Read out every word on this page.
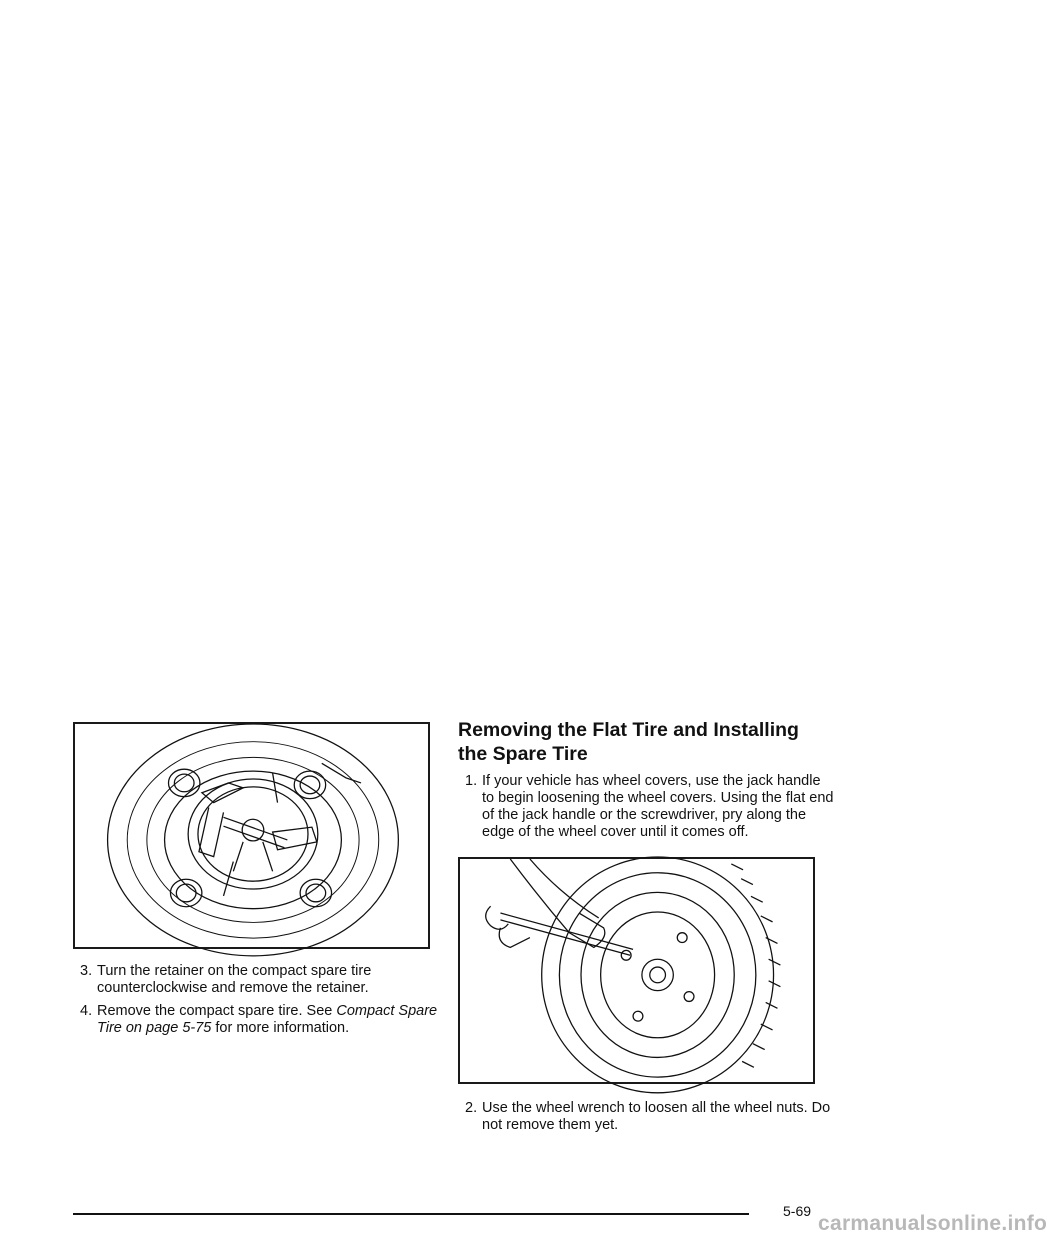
3. Turn the retainer on the compact spare tire counterclockwise and remove the retainer.

4. Remove the compact spare tire. See Compact Spare Tire on page 5-75 for more information.

Removing the Flat Tire and Installing the Spare Tire

1. If your vehicle has wheel covers, use the jack handle to begin loosening the wheel covers. Using the flat end of the jack handle or the screwdriver, pry along the edge of the wheel cover until it comes off.

2. Use the wheel wrench to loosen all the wheel nuts. Do not remove them yet.

5-69
carmanualsonline.info
